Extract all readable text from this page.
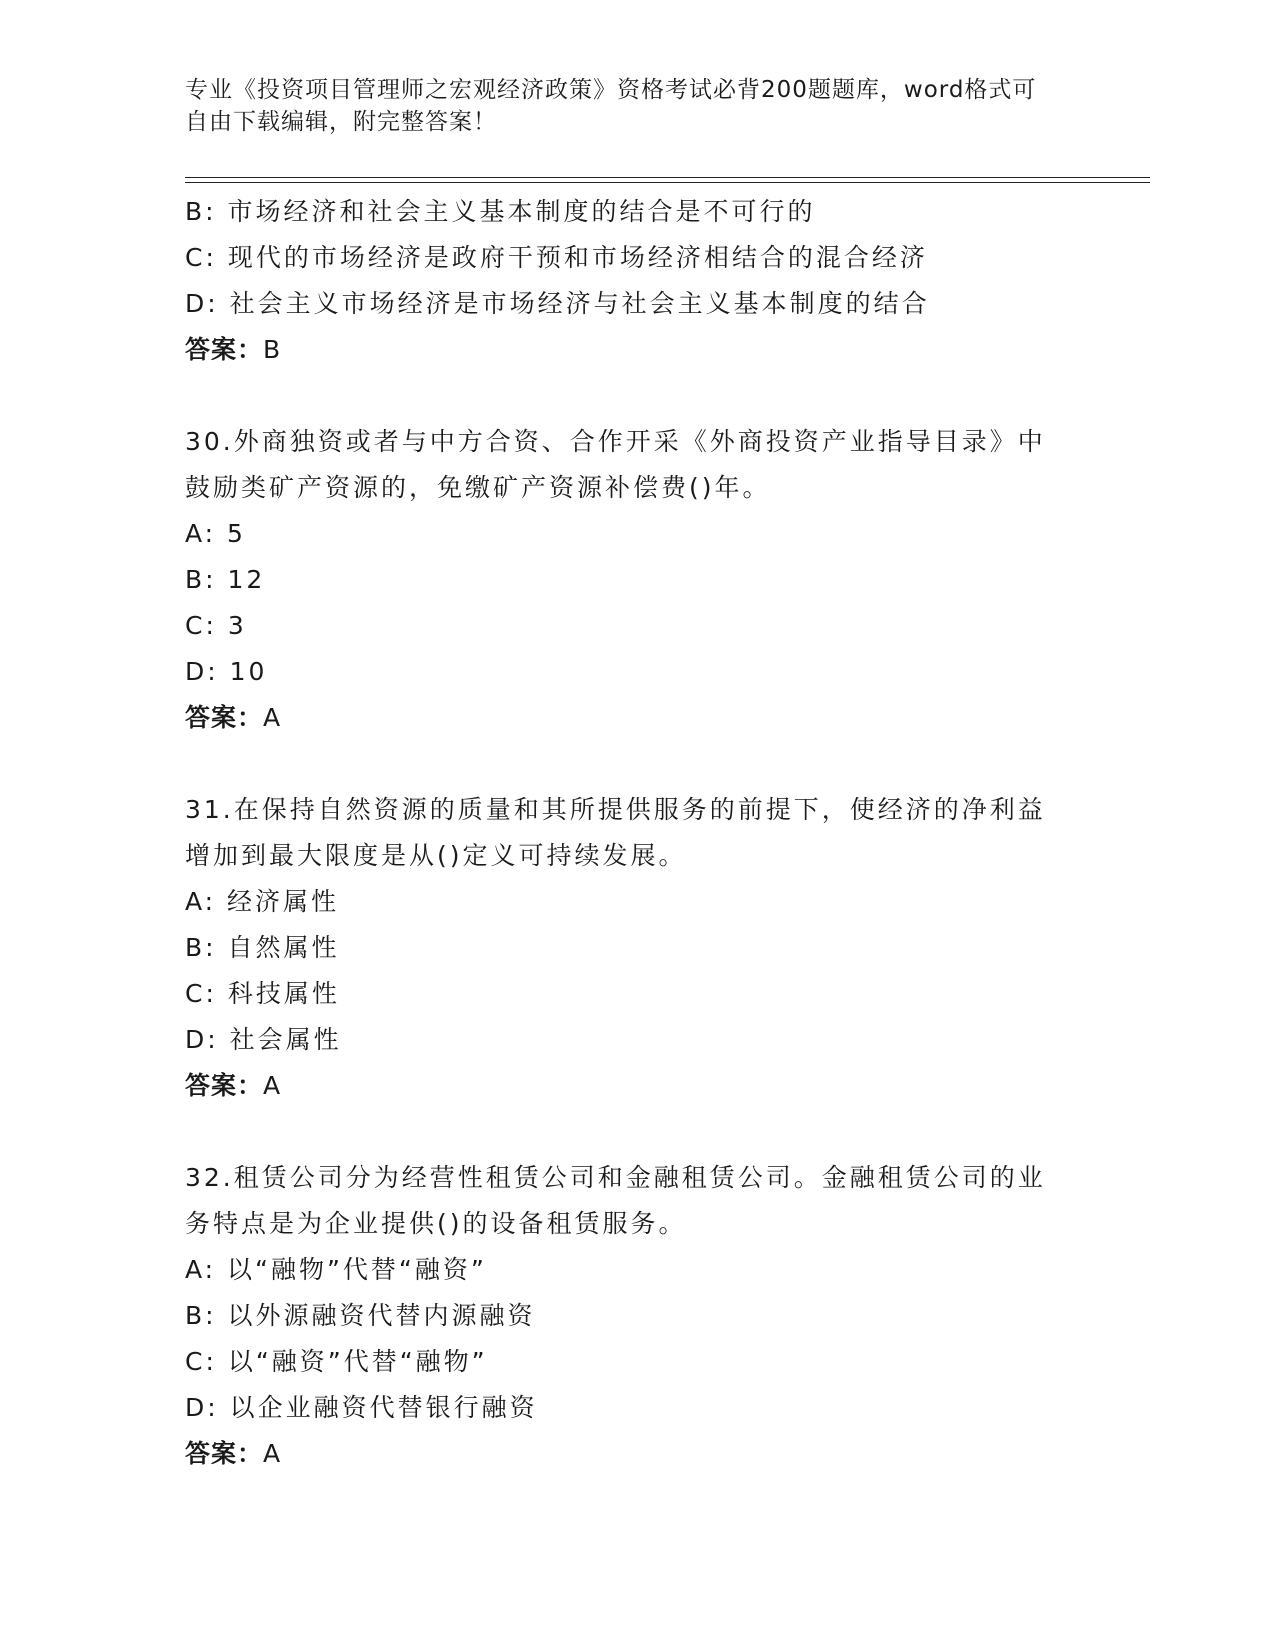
专业《投资项目管理师之宏观经济政策》资格考试必背200题题库，word格式可
自由下载编辑，附完整答案！
B: 市场经济和社会主义基本制度的结合是不可行的
C: 现代的市场经济是政府干预和市场经济相结合的混合经济
D: 社会主义市场经济是市场经济与社会主义基本制度的结合
答案：B
30.外商独资或者与中方合资、合作开采《外商投资产业指导目录》中
鼓励类矿产资源的，免缴矿产资源补偿费()年。
A: 5
B: 12
C: 3
D: 10
答案：A
31.在保持自然资源的质量和其所提供服务的前提下，使经济的净利益
增加到最大限度是从()定义可持续发展。
A: 经济属性
B: 自然属性
C: 科技属性
D: 社会属性
答案：A
32.租赁公司分为经营性租赁公司和金融租赁公司。金融租赁公司的业
务特点是为企业提供()的设备租赁服务。
A: 以“融物”代替“融资”
B: 以外源融资代替内源融资
C: 以“融资”代替“融物”
D: 以企业融资代替银行融资
答案：A
